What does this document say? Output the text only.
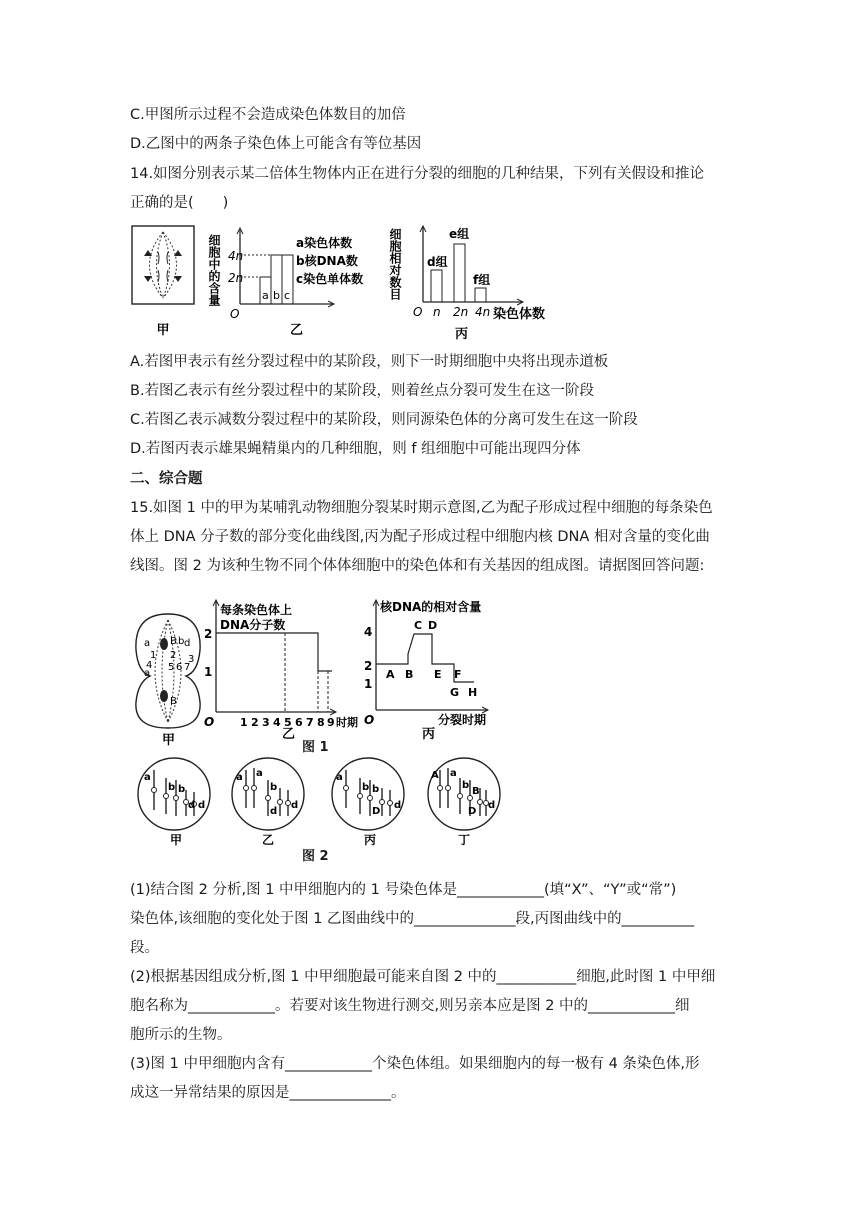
C.甲图所示过程不会造成染色体数目的加倍
D.乙图中的两条子染色体上可能含有等位基因
14.如图分别表示某二倍体生物体内正在进行分裂的细胞的几种结果，下列有关假设和推论
正确的是(　　)
甲
细胞中的含量 4n
2n
O
a b c
a染色体数
b核DNA数
c染色单体数
乙
细胞相对数目 d组
e组
f组
O n 2n 4n 染色体数
丙
A.若图甲表示有丝分裂过程中的某阶段，则下一时期细胞中央将出现赤道板
B.若图乙表示有丝分裂过程中的某阶段，则着丝点分裂可发生在这一阶段
C.若图乙表示减数分裂过程中的某阶段，则同源染色体的分离可发生在这一阶段
D.若图丙表示雄果蝇精巢内的几种细胞，则 f 组细胞中可能出现四分体
二、综合题
15.如图 1 中的甲为某哺乳动物细胞分裂某时期示意图,乙为配子形成过程中细胞的每条染色
体上 DNA 分子数的部分变化曲线图,丙为配子形成过程中细胞内核 DNA 相对含量的变化曲
线图。图 2 为该种生物不同个体体细胞中的染色体和有关基因的组成图。请据图回答问题:
a
a
B b d
B
1 2 3
4 5 6 7
甲
每条染色体上
DNA分子数
2
1
O 1 2 3 4 5 6 7 8 9 时期
乙
核DNA的相对含量
4
2
1
O
A B
C D
E F
G H
分裂时期
丙
图 1
a
b b
d d
a a
b
d
d
a
b b
D
d
A a
b
B
D
d
甲	乙	丙	丁
图 2
(1)结合图 2 分析,图 1 中甲细胞内的 1 号染色体是____________(填“X”、“Y”或“常”)
染色体,该细胞的变化处于图 1 乙图曲线中的______________段,丙图曲线中的__________
段。
(2)根据基因组成分析,图 1 中甲细胞最可能来自图 2 中的___________细胞,此时图 1 中甲细
胞名称为____________。若要对该生物进行测交,则另亲本应是图 2 中的____________细
胞所示的生物。
(3)图 1 中甲细胞内含有____________个染色体组。如果细胞内的每一极有 4 条染色体,形
成这一异常结果的原因是______________。
